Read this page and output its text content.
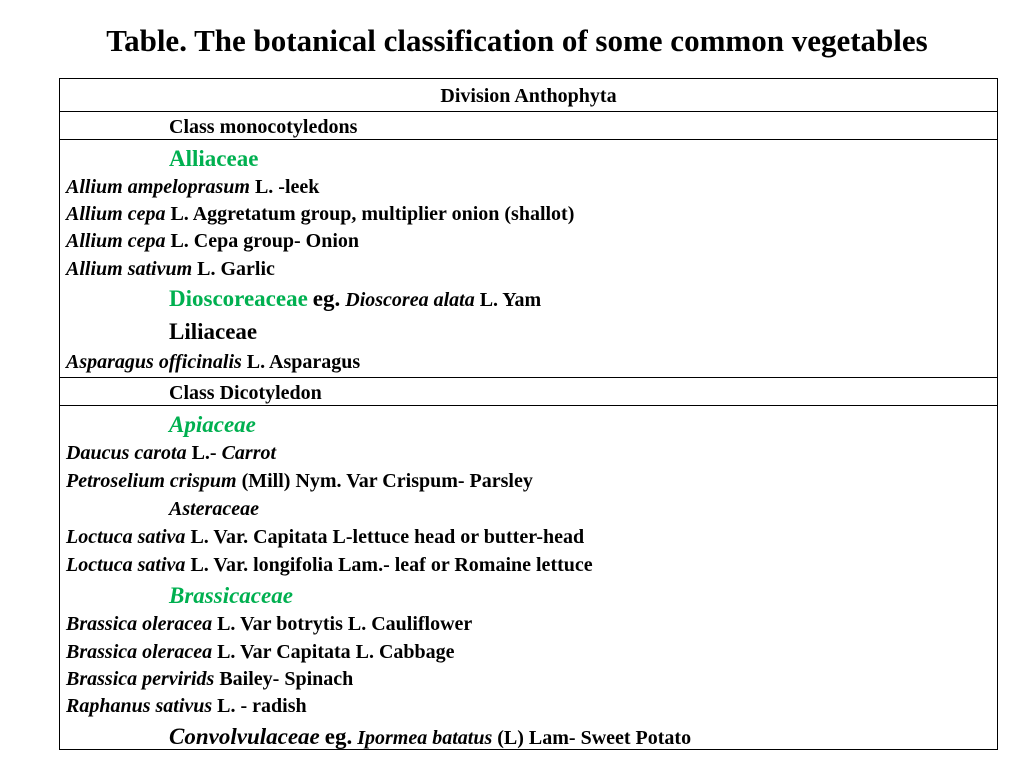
Table. The botanical classification of some common vegetables
Division Anthophyta
Class monocotyledons
Alliaceae
Allium ampeloprasum L. -leek
Allium cepa L. Aggretatum group, multiplier onion (shallot)
Allium cepa L. Cepa group- Onion
Allium sativum L. Garlic
Dioscoreaceae eg. Dioscorea alata L. Yam
Liliaceae
Asparagus officinalis L. Asparagus
Class Dicotyledon
Apiaceae
Daucus carota L.- Carrot
Petroselium crispum (Mill) Nym. Var Crispum- Parsley
Asteraceae
Loctuca sativa L. Var. Capitata L-lettuce head or butter-head
Loctuca sativa L. Var. longifolia Lam.- leaf or Romaine lettuce
Brassicaceae
Brassica oleracea L. Var botrytis L. Cauliflower
Brassica oleracea L. Var Capitata L. Cabbage
Brassica pervirids Bailey- Spinach
Raphanus sativus L. - radish
Convolvulaceae eg. Ipormea batatus (L) Lam- Sweet Potato
